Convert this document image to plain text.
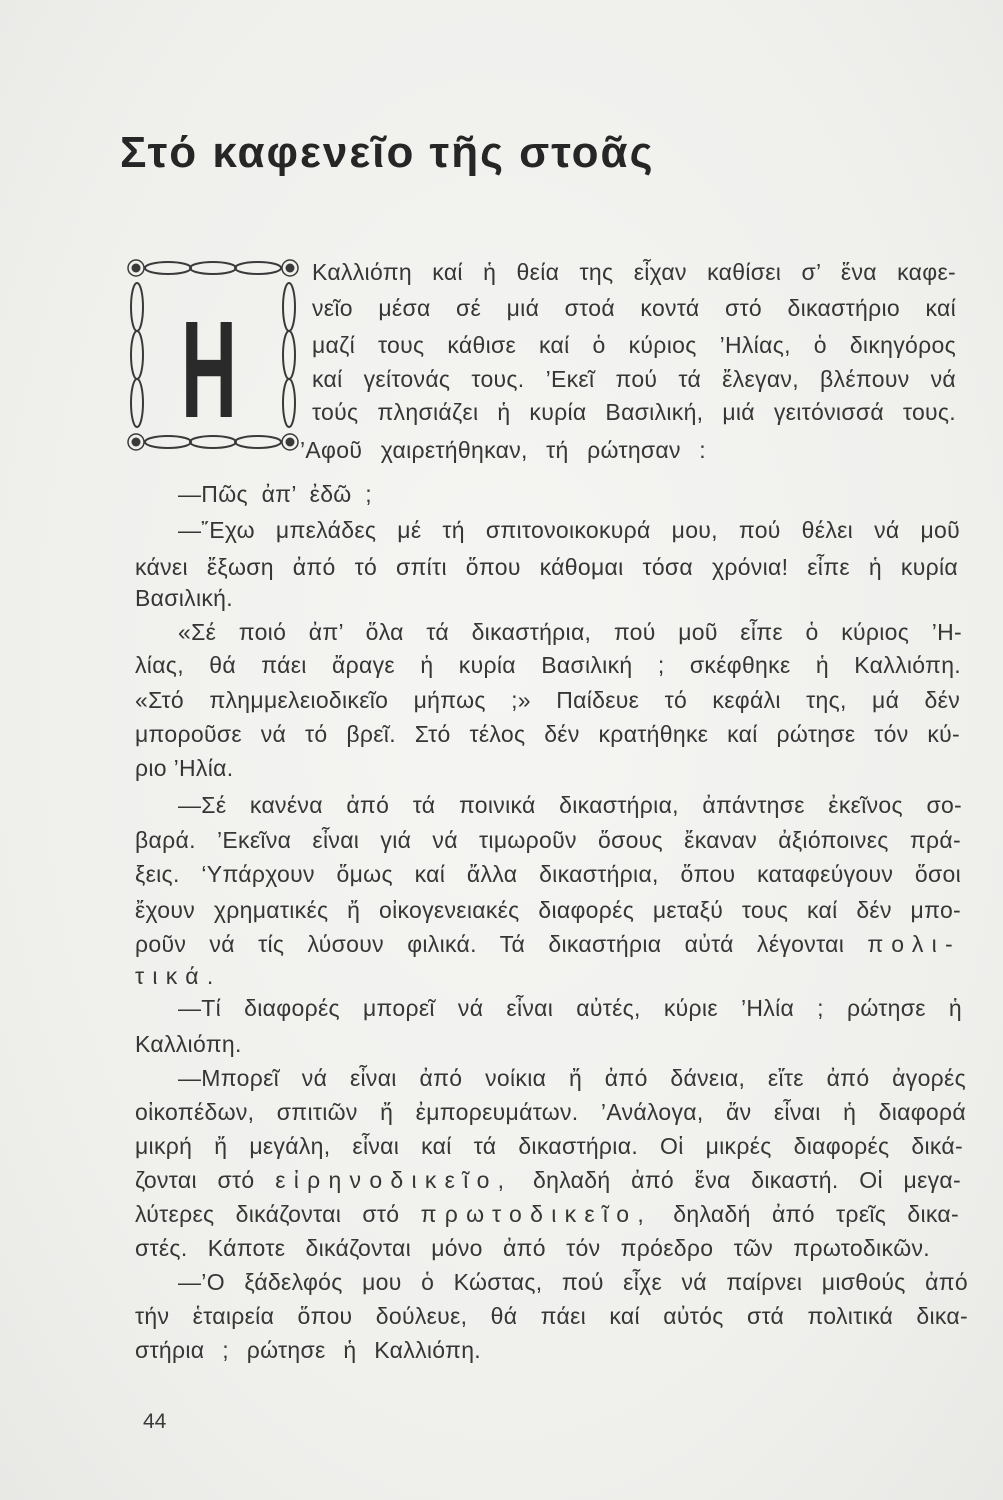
Στό καφενεῖο τῆς στοᾶς
Η
Καλλιόπη καί ἡ θεία της εἶχαν καθίσει σ’ ἕνα καφε-
νεῖο μέσα σέ μιά στοά κοντά στό δικαστήριο καί
μαζί τους κάθισε καί ὁ κύριος ’Ηλίας, ὁ δικηγόρος
καί γείτονάς τους. ’Εκεῖ πού τά ἔλεγαν, βλέπουν νά
τούς πλησιάζει ἡ κυρία Βασιλική, μιά γειτόνισσά τους.
’Αφοῦ χαιρετήθηκαν, τή ρώτησαν :
—Πῶς ἀπ’ ἐδῶ ;
—῎Εχω μπελάδες μέ τή σπιτονοικοκυρά μου, πού θέλει νά μοῦ
κάνει ἔξωση ἀπό τό σπίτι ὅπου κάθομαι τόσα χρόνια! εἶπε ἡ κυρία
Βασιλική.
«Σέ ποιό ἀπ’ ὅλα τά δικαστήρια, πού μοῦ εἶπε ὁ κύριος ’Η-
λίας, θά πάει ἄραγε ἡ κυρία Βασιλική ; σκέφθηκε ἡ Καλλιόπη.
«Στό πλημμελειοδικεῖο μήπως ;» Παίδευε τό κεφάλι της, μά δέν
μποροῦσε νά τό βρεῖ. Στό τέλος δέν κρατήθηκε καί ρώτησε τόν κύ-
ριο ’Ηλία.
—Σέ κανένα ἀπό τά ποινικά δικαστήρια, ἀπάντησε ἐκεῖνος σο-
βαρά. ’Εκεῖνα εἶναι γιά νά τιμωροῦν ὅσους ἔκαναν ἀξιόποινες πρά-
ξεις. ‘Υπάρχουν ὅμως καί ἄλλα δικαστήρια, ὅπου καταφεύγουν ὅσοι
ἔχουν χρηματικές ἤ οἰκογενειακές διαφορές μεταξύ τους καί δέν μπο-
ροῦν νά τίς λύσουν φιλικά. Τά δικαστήρια αὐτά λέγονται πολι-
τικά.
—Τί διαφορές μπορεῖ νά εἶναι αὐτές, κύριε ’Ηλία ; ρώτησε ἡ
Καλλιόπη.
—Μπορεῖ νά εἶναι ἀπό νοίκια ἤ ἀπό δάνεια, εἴτε ἀπό ἀγορές
οἰκοπέδων, σπιτιῶν ἤ ἐμπορευμάτων. ’Ανάλογα, ἄν εἶναι ἡ διαφορά
μικρή ἤ μεγάλη, εἶναι καί τά δικαστήρια. Οἱ μικρές διαφορές δικά-
ζονται στό εἰρηνοδικεῖο, δηλαδή ἀπό ἕνα δικαστή. Οἱ μεγα-
λύτερες δικάζονται στό πρωτοδικεῖο, δηλαδή ἀπό τρεῖς δικα-
στές. Κάποτε δικάζονται μόνο ἀπό τόν πρόεδρο τῶν πρωτοδικῶν.
—’Ο ξάδελφός μου ὁ Κώστας, πού εἶχε νά παίρνει μισθούς ἀπό
τήν ἑταιρεία ὅπου δούλευε, θά πάει καί αὐτός στά πολιτικά δικα-
στήρια ; ρώτησε ἡ Καλλιόπη.
44
